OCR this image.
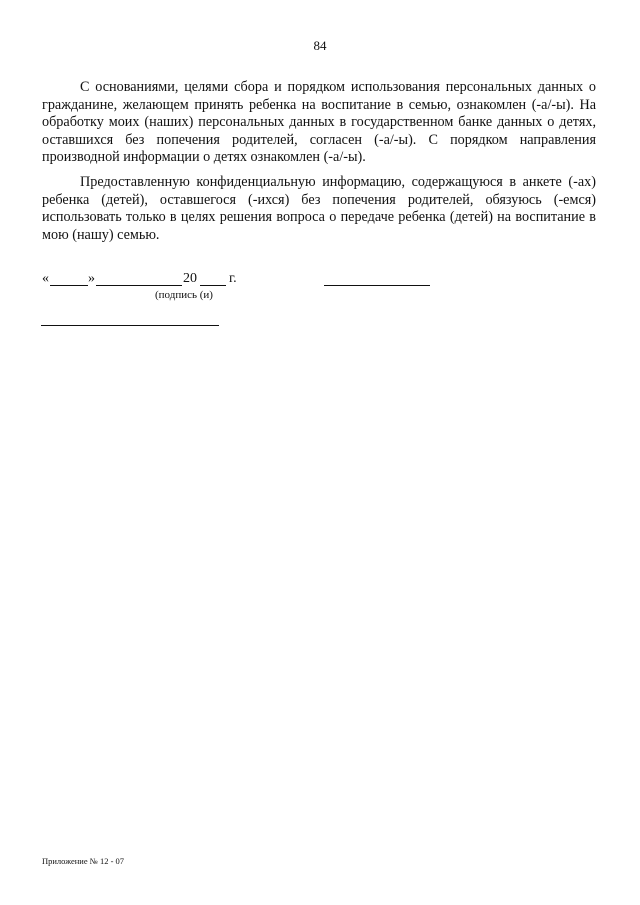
84

С основаниями, целями сбора и порядком использования персональных данных о гражданине, желающем принять ребенка на воспитание в семью, ознакомлен (-а/-ы). На обработку моих (наших) персональных данных в государственном банке данных о детях, оставшихся без попечения родителей, согласен (-а/-ы). С порядком направления производной информации о детях ознакомлен (-а/-ы).

Предоставленную конфиденциальную информацию, содержащуюся в анкете (-ах) ребенка (детей), оставшегося (-ихся) без попечения родителей, обязуюсь (-емся) использовать только в целях решения вопроса о передаче ребенка (детей) на воспитание в мою (нашу) семью.

«	»	20 г.
(подпись (и)
Приложение № 12 - 07
